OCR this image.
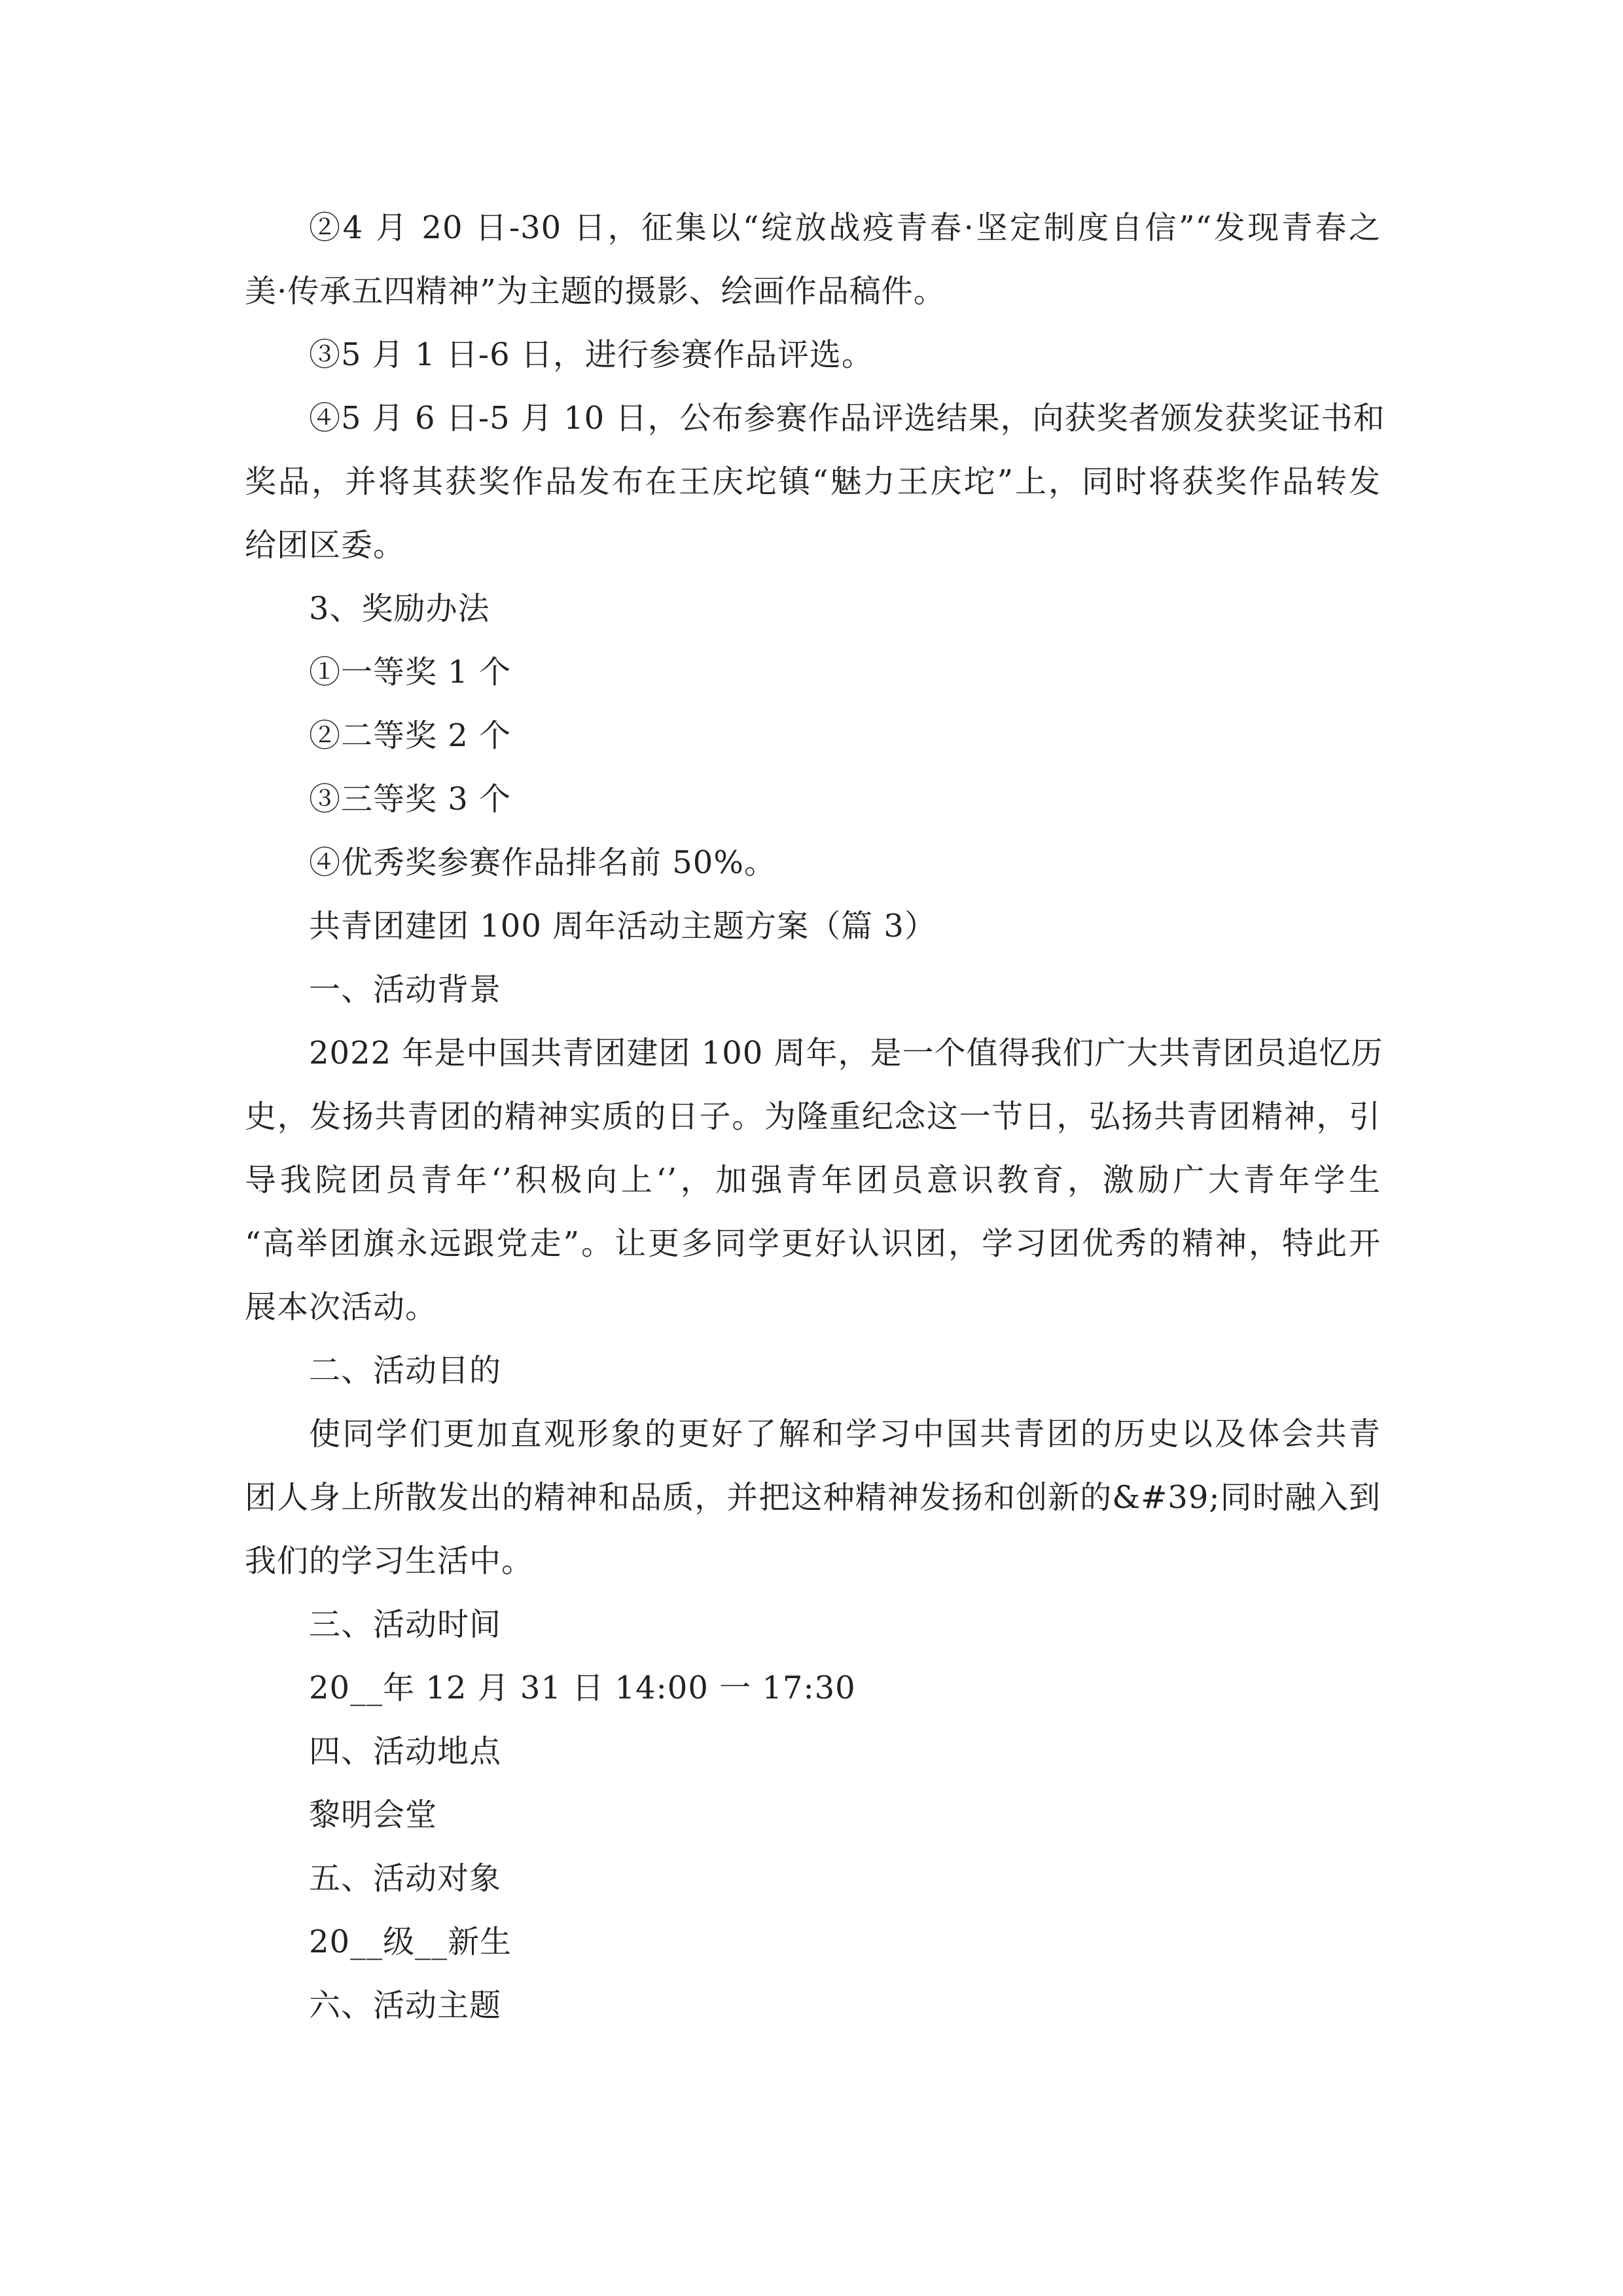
②4 月 20 日-30 日，征集以“绽放战疫青春·坚定制度自信”“发现青春之
美·传承五四精神”为主题的摄影、绘画作品稿件。
③5 月 1 日-6 日，进行参赛作品评选。
④5 月 6 日-5 月 10 日，公布参赛作品评选结果，向获奖者颁发获奖证书和
奖品，并将其获奖作品发布在王庆坨镇“魅力王庆坨”上，同时将获奖作品转发
给团区委。
3、奖励办法
①一等奖 1 个
②二等奖 2 个
③三等奖 3 个
④优秀奖参赛作品排名前 50%。
共青团建团 100 周年活动主题方案（篇 3）
一、活动背景
2022 年是中国共青团建团 100 周年，是一个值得我们广大共青团员追忆历
史，发扬共青团的精神实质的日子。为隆重纪念这一节日，弘扬共青团精神，引
导我院团员青年‘’积极向上‘’，加强青年团员意识教育，激励广大青年学生
“高举团旗永远跟党走”。让更多同学更好认识团，学习团优秀的精神，特此开
展本次活动。
二、活动目的
使同学们更加直观形象的更好了解和学习中国共青团的历史以及体会共青
团人身上所散发出的精神和品质，并把这种精神发扬和创新的&#39;同时融入到
我们的学习生活中。
三、活动时间
20__年 12 月 31 日 14:00 一 17:30
四、活动地点
黎明会堂
五、活动对象
20__级__新生
六、活动主题
